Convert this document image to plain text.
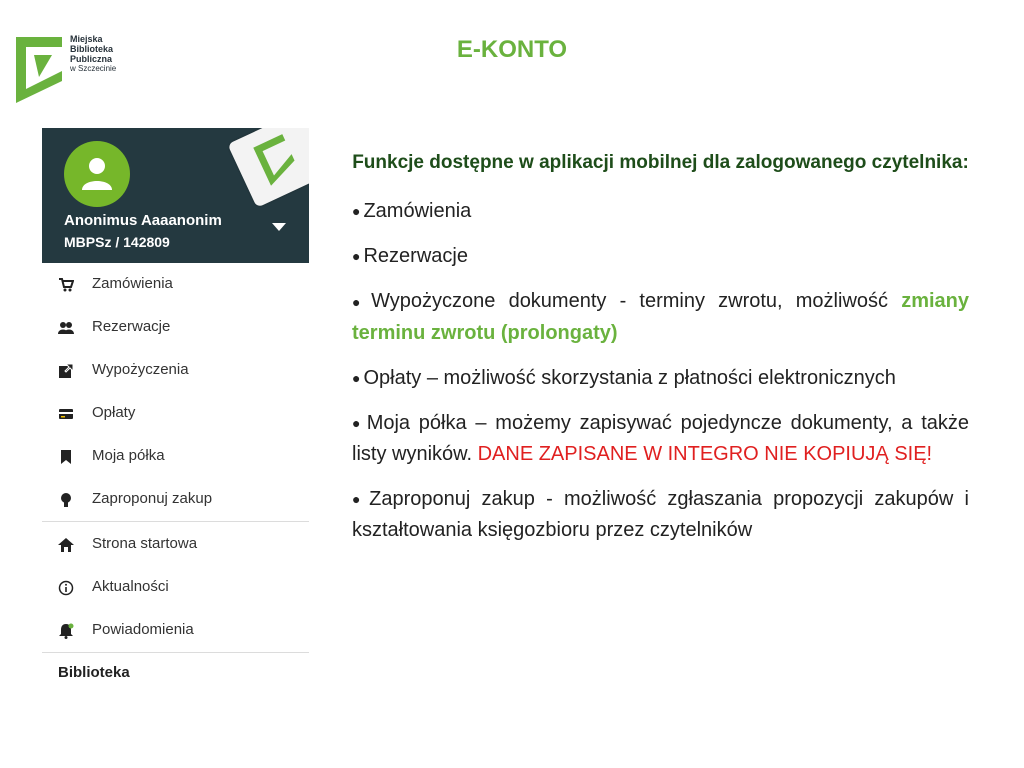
Miejska
Biblioteka
Publiczna
w Szczecinie
E-KONTO
Anonimus Aaaanonim
MBPSz / 142809
Zamówienia
Rezerwacje
Wypożyczenia
Opłaty
Moja półka
Zaproponuj zakup
Strona startowa
Aktualności
Powiadomienia
Biblioteka
Funkcje dostępne w aplikacji mobilnej dla zalogowanego czytelnika:
● Zamówienia
● Rezerwacje
● Wypożyczone dokumenty - terminy zwrotu, możliwość zmiany terminu zwrotu (prolongaty)
● Opłaty – możliwość skorzystania z płatności elektronicznych
● Moja półka – możemy zapisywać pojedyncze dokumenty, a także listy wyników. DANE ZAPISANE W INTEGRO NIE KOPIUJĄ SIĘ!
● Zaproponuj zakup - możliwość zgłaszania propozycji zakupów i kształtowania księgozbioru przez czytelników
